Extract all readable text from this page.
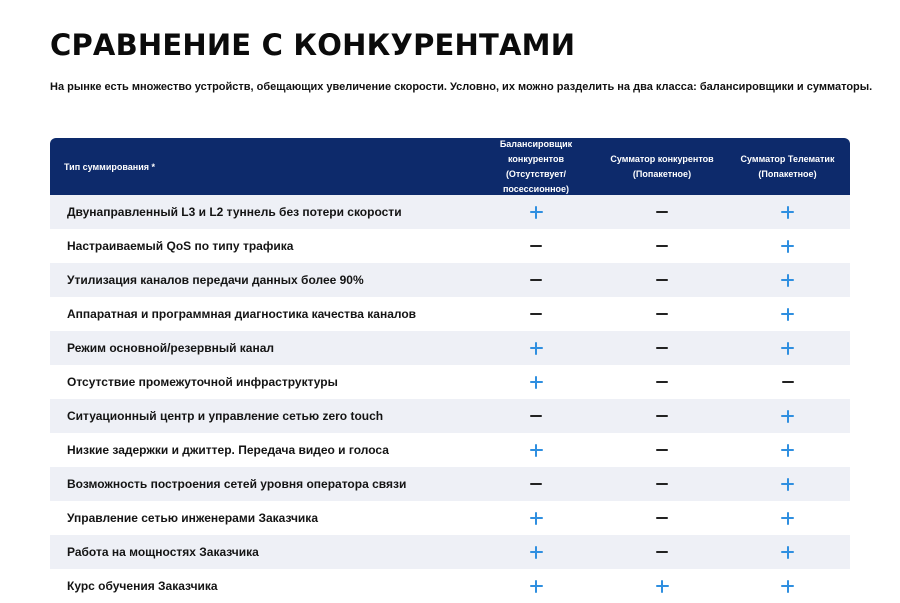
СРАВНЕНИЕ С КОНКУРЕНТАМИ

На рынке есть множество устройств, обещающих увеличение скорости. Условно, их можно разделить на два класса: балансировщики и сумматоры.

Тип суммирования *
Балансировщик конкурентов
(Отсутствует/посессионное)
Сумматор конкурентов
(Попакетное)
Сумматор Телематик
(Попакетное)
Двунаправленный L3 и L2 туннель без потери скорости
Настраиваемый QoS по типу трафика
Утилизация каналов передачи данных более 90%
Аппаратная и программная диагностика качества каналов
Режим основной/резервный канал
Отсутствие промежуточной инфраструктуры
Ситуационный центр и управление сетью zero touch
Низкие задержки и джиттер. Передача видео и голоса
Возможность построения сетей уровня оператора связи
Управление сетью инженерами Заказчика
Работа на мощностях Заказчика
Курс обучения Заказчика
